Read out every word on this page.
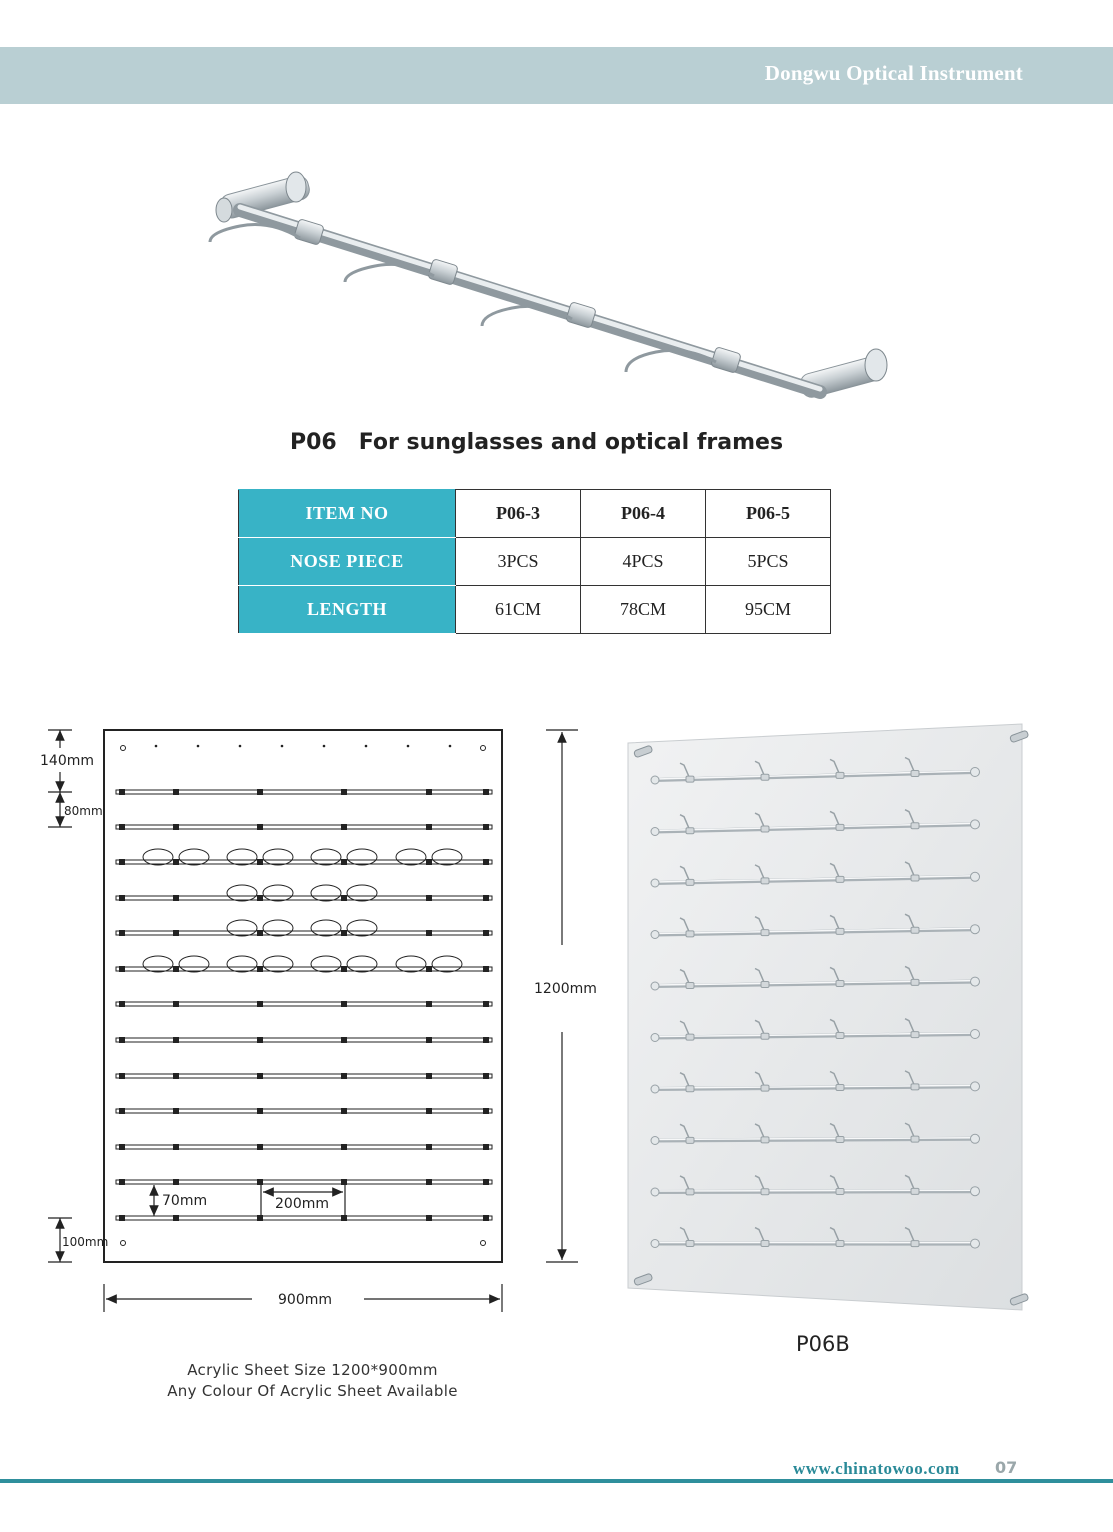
Dongwu Optical Instrument
P06 For sunglasses and optical frames
ITEM NO	P06-3	P06-4	P06-5
NOSE PIECE	3PCS	4PCS	5PCS
LENGTH	61CM	78CM	95CM
140mm
80mm
100mm
1200mm
900mm
70mm	200mm
Acrylic Sheet Size 1200*900mm
Any Colour Of Acrylic Sheet Available
P06B
www.chinatowoo.com 07
